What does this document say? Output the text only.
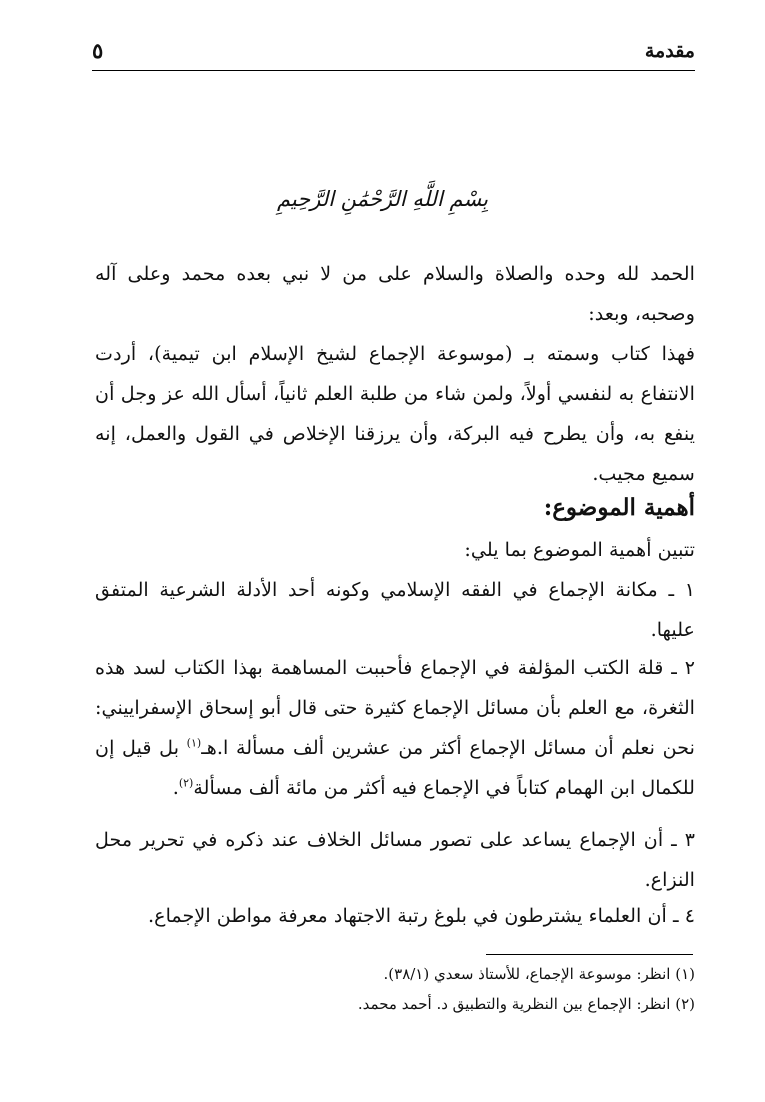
مقدمة
٥
بِسْمِ اللَّهِ الرَّحْمَٰنِ الرَّحِيمِ

الحمد لله وحده والصلاة والسلام على من لا نبي بعده محمد وعلى آله وصحبه، وبعد:

فهذا كتاب وسمته بـ (موسوعة الإجماع لشيخ الإسلام ابن تيمية)، أردت الانتفاع به لنفسي أولاً، ولمن شاء من طلبة العلم ثانياً، أسأل الله عز وجل أن ينفع به، وأن يطرح فيه البركة، وأن يرزقنا الإخلاص في القول والعمل، إنه سميع مجيب.

أهمية الموضوع:

تتبين أهمية الموضوع بما يلي:

١ ـ مكانة الإجماع في الفقه الإسلامي وكونه أحد الأدلة الشرعية المتفق عليها.

٢ ـ قلة الكتب المؤلفة في الإجماع فأحببت المساهمة بهذا الكتاب لسد هذه الثغرة، مع العلم بأن مسائل الإجماع كثيرة حتى قال أبو إسحاق الإسفراييني: نحن نعلم أن مسائل الإجماع أكثر من عشرين ألف مسألة ا.هـ$^{(١)}$ بل قيل إن للكمال ابن الهمام كتاباً في الإجماع فيه أكثر من مائة ألف مسألة$^{(٢)}$.

٣ ـ أن الإجماع يساعد على تصور مسائل الخلاف عند ذكره في تحرير محل النزاع.

٤ ـ أن العلماء يشترطون في بلوغ رتبة الاجتهاد معرفة مواطن الإجماع.

(١) انظر: موسوعة الإجماع، للأستاذ سعدي (٣٨/١).
(٢) انظر: الإجماع بين النظرية والتطبيق د. أحمد محمد.
